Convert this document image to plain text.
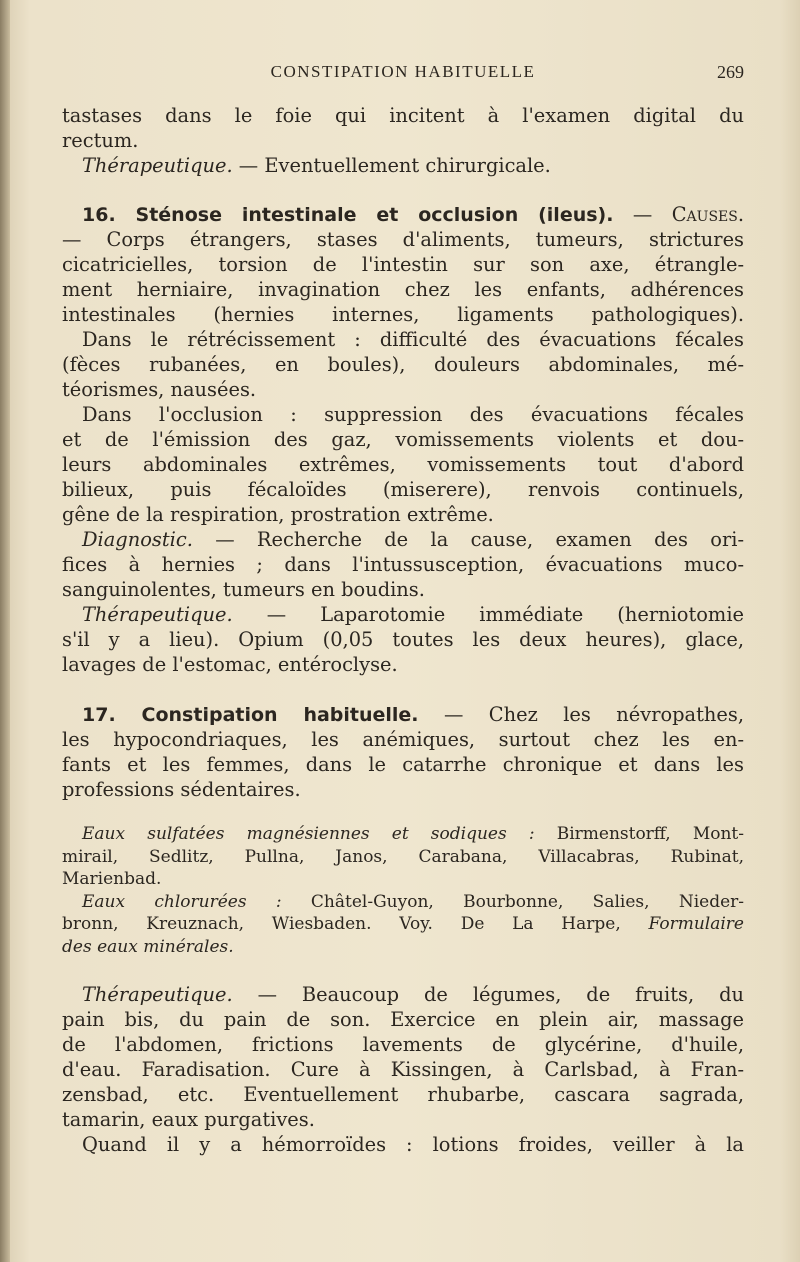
CONSTIPATION HABITUELLE	269
tastases dans le foie qui incitent à l'examen digital du
rectum.
Thérapeutique. — Eventuellement chirurgicale.
16. Sténose intestinale et occlusion (ileus). — Causes.
— Corps étrangers, stases d'aliments, tumeurs, strictures
cicatricielles, torsion de l'intestin sur son axe, étrangle-
ment herniaire, invagination chez les enfants, adhérences
intestinales (hernies internes, ligaments pathologiques).
Dans le rétrécissement : difficulté des évacuations fécales
(fèces rubanées, en boules), douleurs abdominales, mé-
téorismes, nausées.
Dans l'occlusion : suppression des évacuations fécales
et de l'émission des gaz, vomissements violents et dou-
leurs abdominales extrêmes, vomissements tout d'abord
bilieux, puis fécaloïdes (miserere), renvois continuels,
gêne de la respiration, prostration extrême.
Diagnostic. — Recherche de la cause, examen des ori-
fices à hernies ; dans l'intussusception, évacuations muco-
sanguinolentes, tumeurs en boudins.
Thérapeutique. — Laparotomie immédiate (herniotomie
s'il y a lieu). Opium (0,05 toutes les deux heures), glace,
lavages de l'estomac, entéroclyse.
17. Constipation habituelle. — Chez les névropathes,
les hypocondriaques, les anémiques, surtout chez les en-
fants et les femmes, dans le catarrhe chronique et dans les
professions sédentaires.
Eaux sulfatées magnésiennes et sodiques : Birmenstorff, Mont-
mirail, Sedlitz, Pullna, Janos, Carabana, Villacabras, Rubinat,
Marienbad.
Eaux chlorurées : Châtel-Guyon, Bourbonne, Salies, Nieder-
bronn, Kreuznach, Wiesbaden. Voy. De La Harpe, Formulaire
des eaux minérales.
Thérapeutique. — Beaucoup de légumes, de fruits, du
pain bis, du pain de son. Exercice en plein air, massage
de l'abdomen, frictions lavements de glycérine, d'huile,
d'eau. Faradisation. Cure à Kissingen, à Carlsbad, à Fran-
zensbad, etc. Eventuellement rhubarbe, cascara sagrada,
tamarin, eaux purgatives.
Quand il y a hémorroïdes : lotions froides, veiller à la
